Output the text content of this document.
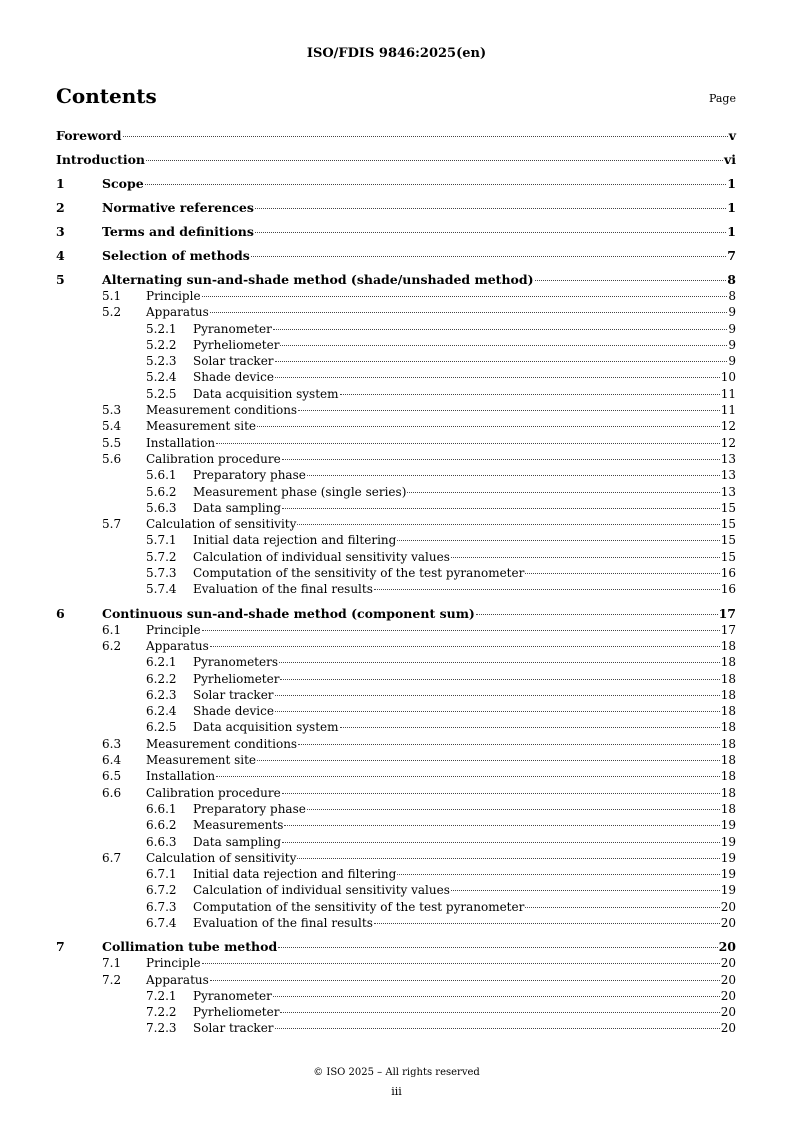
ISO/FDIS 9846:2025(en)
Contents	Page
Foreword	v
Introduction	vi
1	Scope	1
2	Normative references	1
3	Terms and definitions	1
4	Selection of methods	7
5	Alternating sun-and-shade method (shade/unshaded method)	8
5.1	Principle	8
5.2	Apparatus	9
5.2.1	Pyranometer	9
5.2.2	Pyrheliometer	9
5.2.3	Solar tracker	9
5.2.4	Shade device	10
5.2.5	Data acquisition system	11
5.3	Measurement conditions	11
5.4	Measurement site	12
5.5	Installation	12
5.6	Calibration procedure	13
5.6.1	Preparatory phase	13
5.6.2	Measurement phase (single series)	13
5.6.3	Data sampling	15
5.7	Calculation of sensitivity	15
5.7.1	Initial data rejection and filtering	15
5.7.2	Calculation of individual sensitivity values	15
5.7.3	Computation of the sensitivity of the test pyranometer	16
5.7.4	Evaluation of the final results	16
6	Continuous sun-and-shade method (component sum)	17
6.1	Principle	17
6.2	Apparatus	18
6.2.1	Pyranometers	18
6.2.2	Pyrheliometer	18
6.2.3	Solar tracker	18
6.2.4	Shade device	18
6.2.5	Data acquisition system	18
6.3	Measurement conditions	18
6.4	Measurement site	18
6.5	Installation	18
6.6	Calibration procedure	18
6.6.1	Preparatory phase	18
6.6.2	Measurements	19
6.6.3	Data sampling	19
6.7	Calculation of sensitivity	19
6.7.1	Initial data rejection and filtering	19
6.7.2	Calculation of individual sensitivity values	19
6.7.3	Computation of the sensitivity of the test pyranometer	20
6.7.4	Evaluation of the final results	20
7	Collimation tube method	20
7.1	Principle	20
7.2	Apparatus	20
7.2.1	Pyranometer	20
7.2.2	Pyrheliometer	20
7.2.3	Solar tracker	20
© ISO 2025 – All rights reserved
iii
